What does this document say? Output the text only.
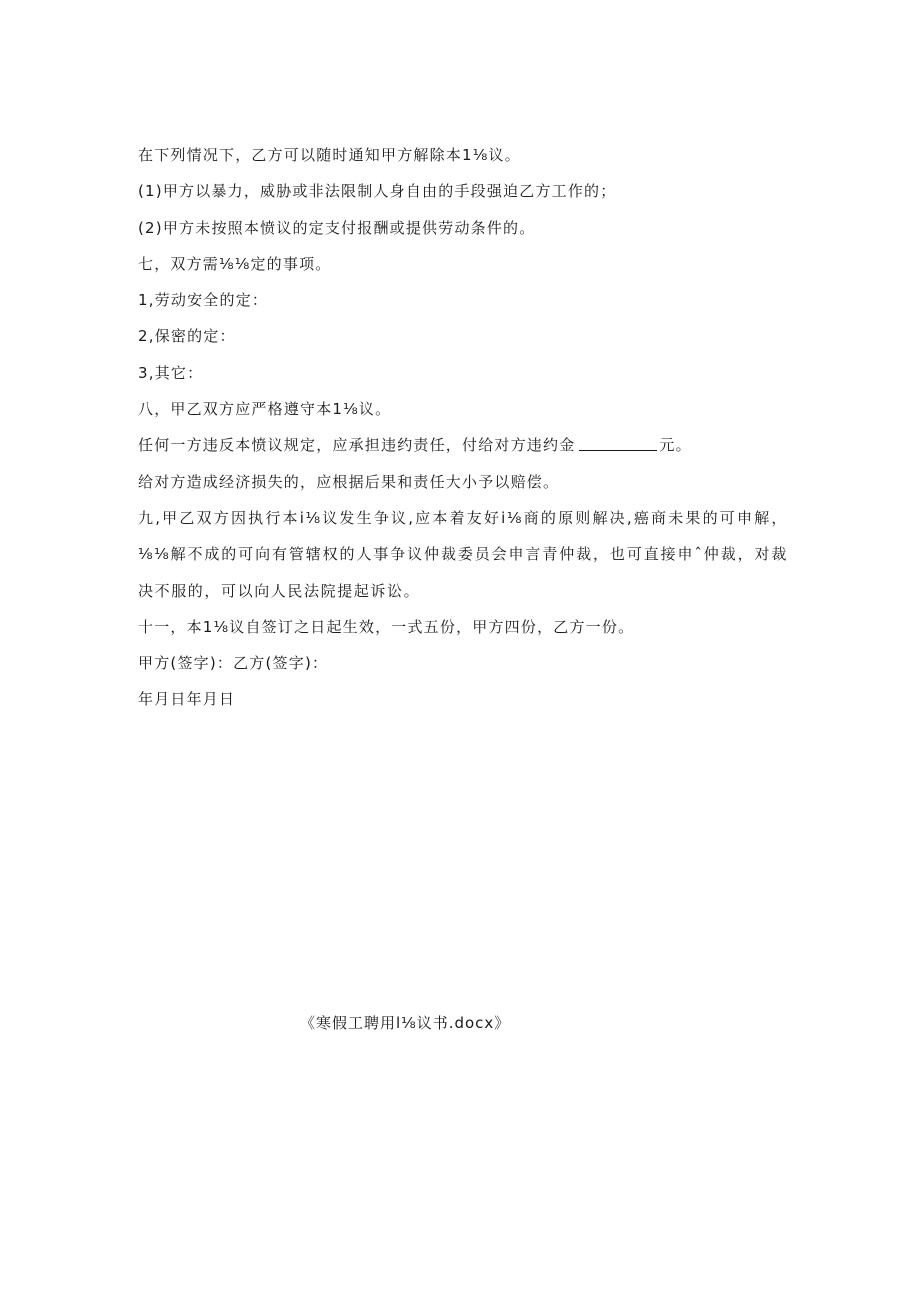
在下列情况下，乙方可以随时通知甲方解除本1⅛议。
(1)甲方以暴力，威胁或非法限制人身自由的手段强迫乙方工作的；
(2)甲方未按照本愤议的定支付报酬或提供劳动条件的。
七，双方需⅛⅛定的事项。
1,劳动安全的定：
2,保密的定：
3,其它：
八，甲乙双方应严格遵守本1⅛议。
任何一方违反本愤议规定，应承担违约责任，付给对方违约金	元。
给对方造成经济损失的，应根据后果和责任大小予以赔偿。
九,甲乙双方因执行本i⅛议发生争议,应本着友好i⅛商的原则解决,癌商未果的可申解，⅛⅛解不成的可向有管辖权的人事争议仲裁委员会申言青仲裁，也可直接申ˆ仲裁，对裁决不服的，可以向人民法院提起诉讼。
十一，本1⅛议自签订之日起生效，一式五份，甲方四份，乙方一份。
甲方(签字)：乙方(签字)：
年月日年月日
《寒假工聘用l⅛议书.docx》
